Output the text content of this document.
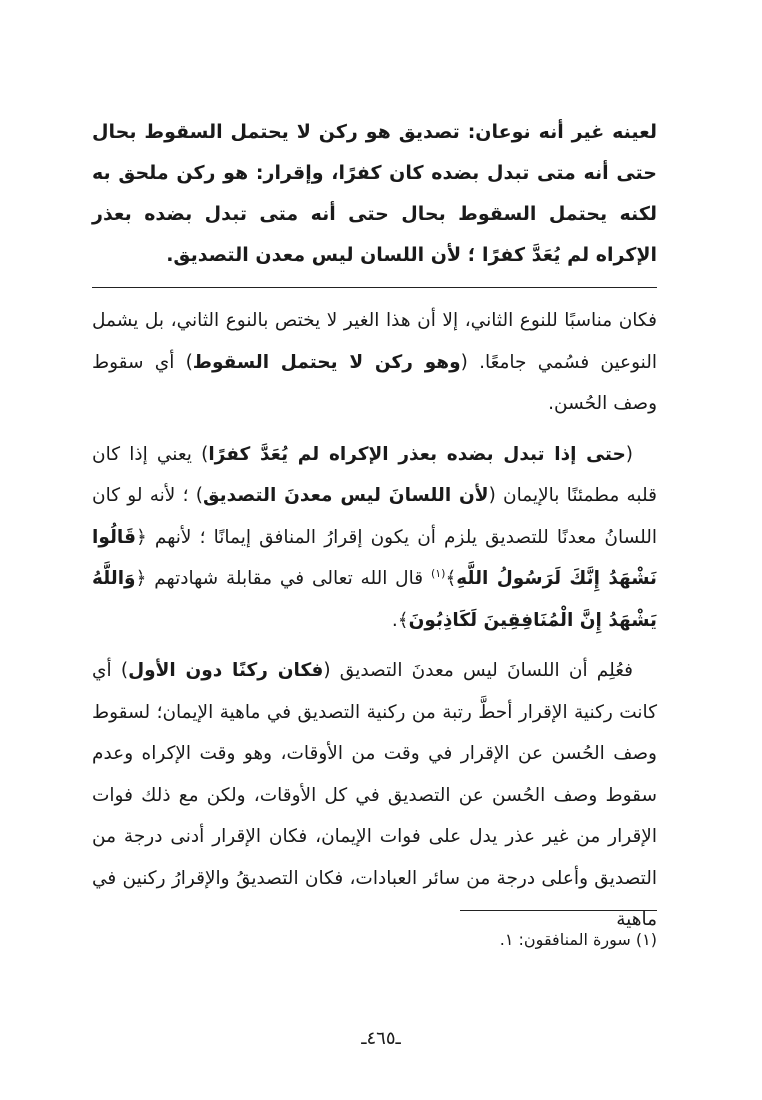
لعينه غير أنه نوعان: تصديق هو ركن لا يحتمل السقوط بحال حتى أنه متى تبدل بضده كان كفرًا، وإقرار: هو ركن ملحق به لكنه يحتمل السقوط بحال حتى أنه متى تبدل بضده بعذر الإكراه لم يُعَدَّ كفرًا ؛ لأن اللسان ليس معدن التصديق.

فكان مناسبًا للنوع الثاني، إلا أن هذا الغير لا يختص بالنوع الثاني، بل يشمل النوعين فسُمي جامعًا. (وهو ركن لا يحتمل السقوط) أي سقوط وصف الحُسن.

(حتى إذا تبدل بضده بعذر الإكراه لم يُعَدَّ كفرًا) يعني إذا كان قلبه مطمئنًا بالإيمان (لأن اللسانَ ليس معدنَ التصديق) ؛ لأنه لو كان اللسانُ معدنًا للتصديق يلزم أن يكون إقرارُ المنافق إيمانًا ؛ لأنهم ﴿قَالُوا نَشْهَدُ إِنَّكَ لَرَسُولُ اللَّهِ﴾$^{(١)}$ قال الله تعالى في مقابلة شهادتهم ﴿وَاللَّهُ يَشْهَدُ إِنَّ الْمُنَافِقِينَ لَكَاذِبُونَ﴾.

فعُلِم أن اللسانَ ليس معدنَ التصديق (فكان ركنًا دون الأول) أي كانت ركنية الإقرار أحطَّ رتبة من ركنية التصديق في ماهية الإيمان؛ لسقوط وصف الحُسن عن الإقرار في وقت من الأوقات، وهو وقت الإكراه وعدم سقوط وصف الحُسن عن التصديق في كل الأوقات، ولكن مع ذلك فوات الإقرار من غير عذر يدل على فوات الإيمان، فكان الإقرار أدنى درجة من التصديق وأعلى درجة من سائر العبادات، فكان التصديقُ والإقرارُ ركنين في ماهية

(١) سورة المنافقون: ١.
ـ٤٦٥ـ
